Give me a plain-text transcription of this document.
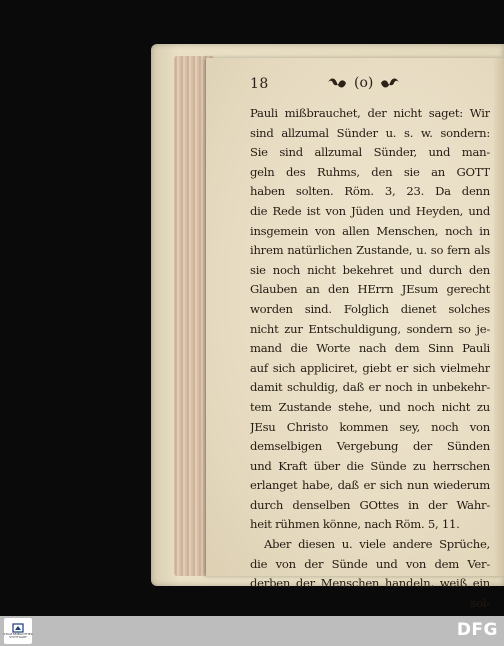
18	(o)
Pauli mißbrauchet, der nicht saget: Wir
sind allzumal Sünder u. s. w. sondern:
Sie sind allzumal Sünder, und man-
geln des Ruhms, den sie an GOTT
haben solten. Röm. 3, 23. Da denn
die Rede ist von Jüden und Heyden, und
insgemein von allen Menschen, noch in
ihrem natürlichen Zustande, u. so fern als
sie noch nicht bekehret und durch den
Glauben an den HErrn JEsum gerecht
worden sind. Folglich dienet solches
nicht zur Entschuldigung, sondern so je-
mand die Worte nach dem Sinn Pauli
auf sich appliciret, giebt er sich vielmehr
damit schuldig, daß er noch in unbekehr-
tem Zustande stehe, und noch nicht zu
JEsu Christo kommen sey, noch von
demselbigen Vergebung der Sünden
und Kraft über die Sünde zu herrschen
erlanget habe, daß er sich nun wiederum
durch denselben GOttes in der Wahr-
heit rühmen könne, nach Röm. 5, 11.
Aber diesen u. viele andere Sprüche,
die von der Sünde und von dem Ver-
derben der Menschen handeln, weiß ein
sol-
STAATSBIBLIOTHEK STUTTGART	DFG
